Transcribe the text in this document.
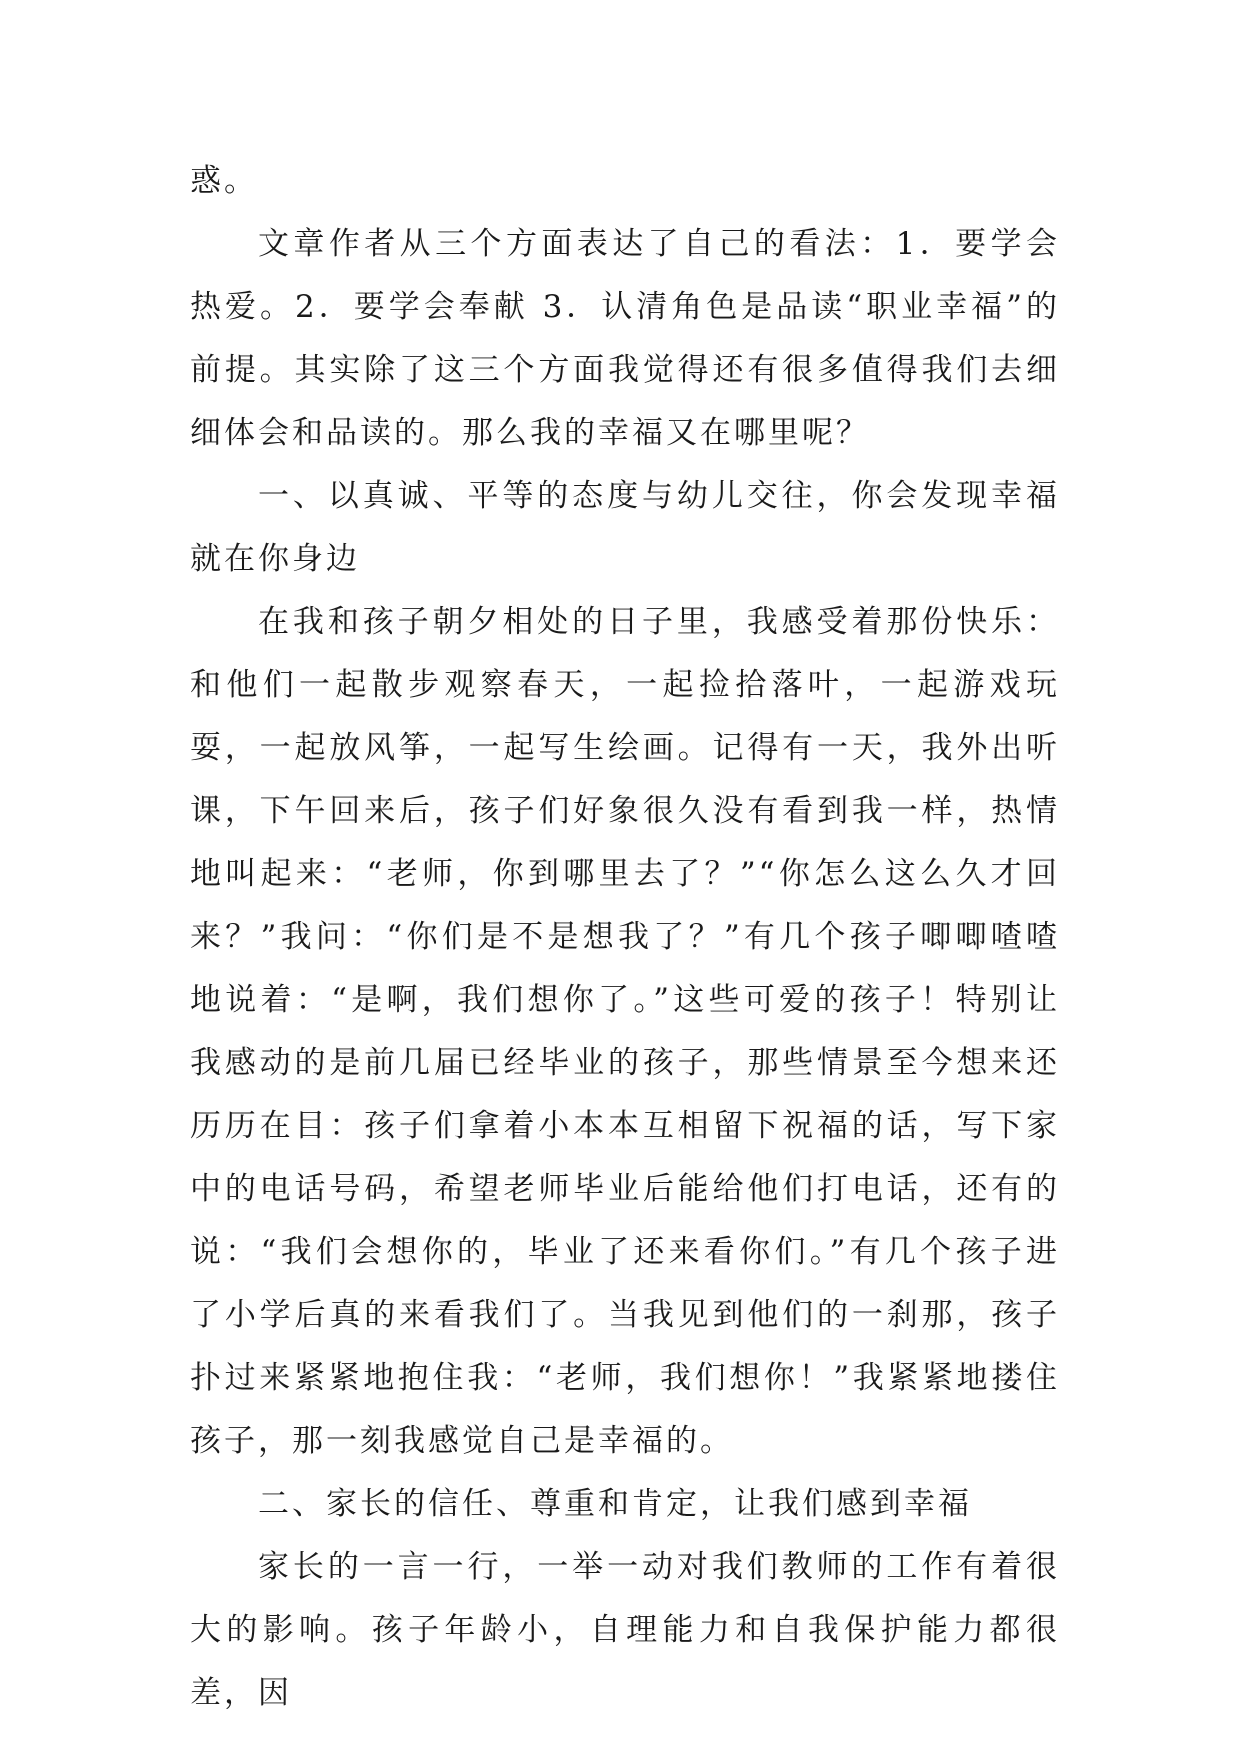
惑。

文章作者从三个方面表达了自己的看法：1．要学会热爱。2．要学会奉献 3．认清角色是品读“职业幸福”的前提。其实除了这三个方面我觉得还有很多值得我们去细细体会和品读的。那么我的幸福又在哪里呢？

一、以真诚、平等的态度与幼儿交往，你会发现幸福就在你身边

在我和孩子朝夕相处的日子里，我感受着那份快乐：和他们一起散步观察春天，一起捡拾落叶，一起游戏玩耍，一起放风筝，一起写生绘画。记得有一天，我外出听课，下午回来后，孩子们好象很久没有看到我一样，热情地叫起来：“老师，你到哪里去了？”“你怎么这么久才回来？”我问：“你们是不是想我了？”有几个孩子唧唧喳喳地说着：“是啊，我们想你了。”这些可爱的孩子！特别让我感动的是前几届已经毕业的孩子，那些情景至今想来还历历在目：孩子们拿着小本本互相留下祝福的话，写下家中的电话号码，希望老师毕业后能给他们打电话，还有的说：“我们会想你的，毕业了还来看你们。”有几个孩子进了小学后真的来看我们了。当我见到他们的一刹那，孩子扑过来紧紧地抱住我：“老师，我们想你！”我紧紧地搂住孩子，那一刻我感觉自己是幸福的。

二、家长的信任、尊重和肯定，让我们感到幸福

家长的一言一行，一举一动对我们教师的工作有着很大的影响。孩子年龄小，自理能力和自我保护能力都很差，因
